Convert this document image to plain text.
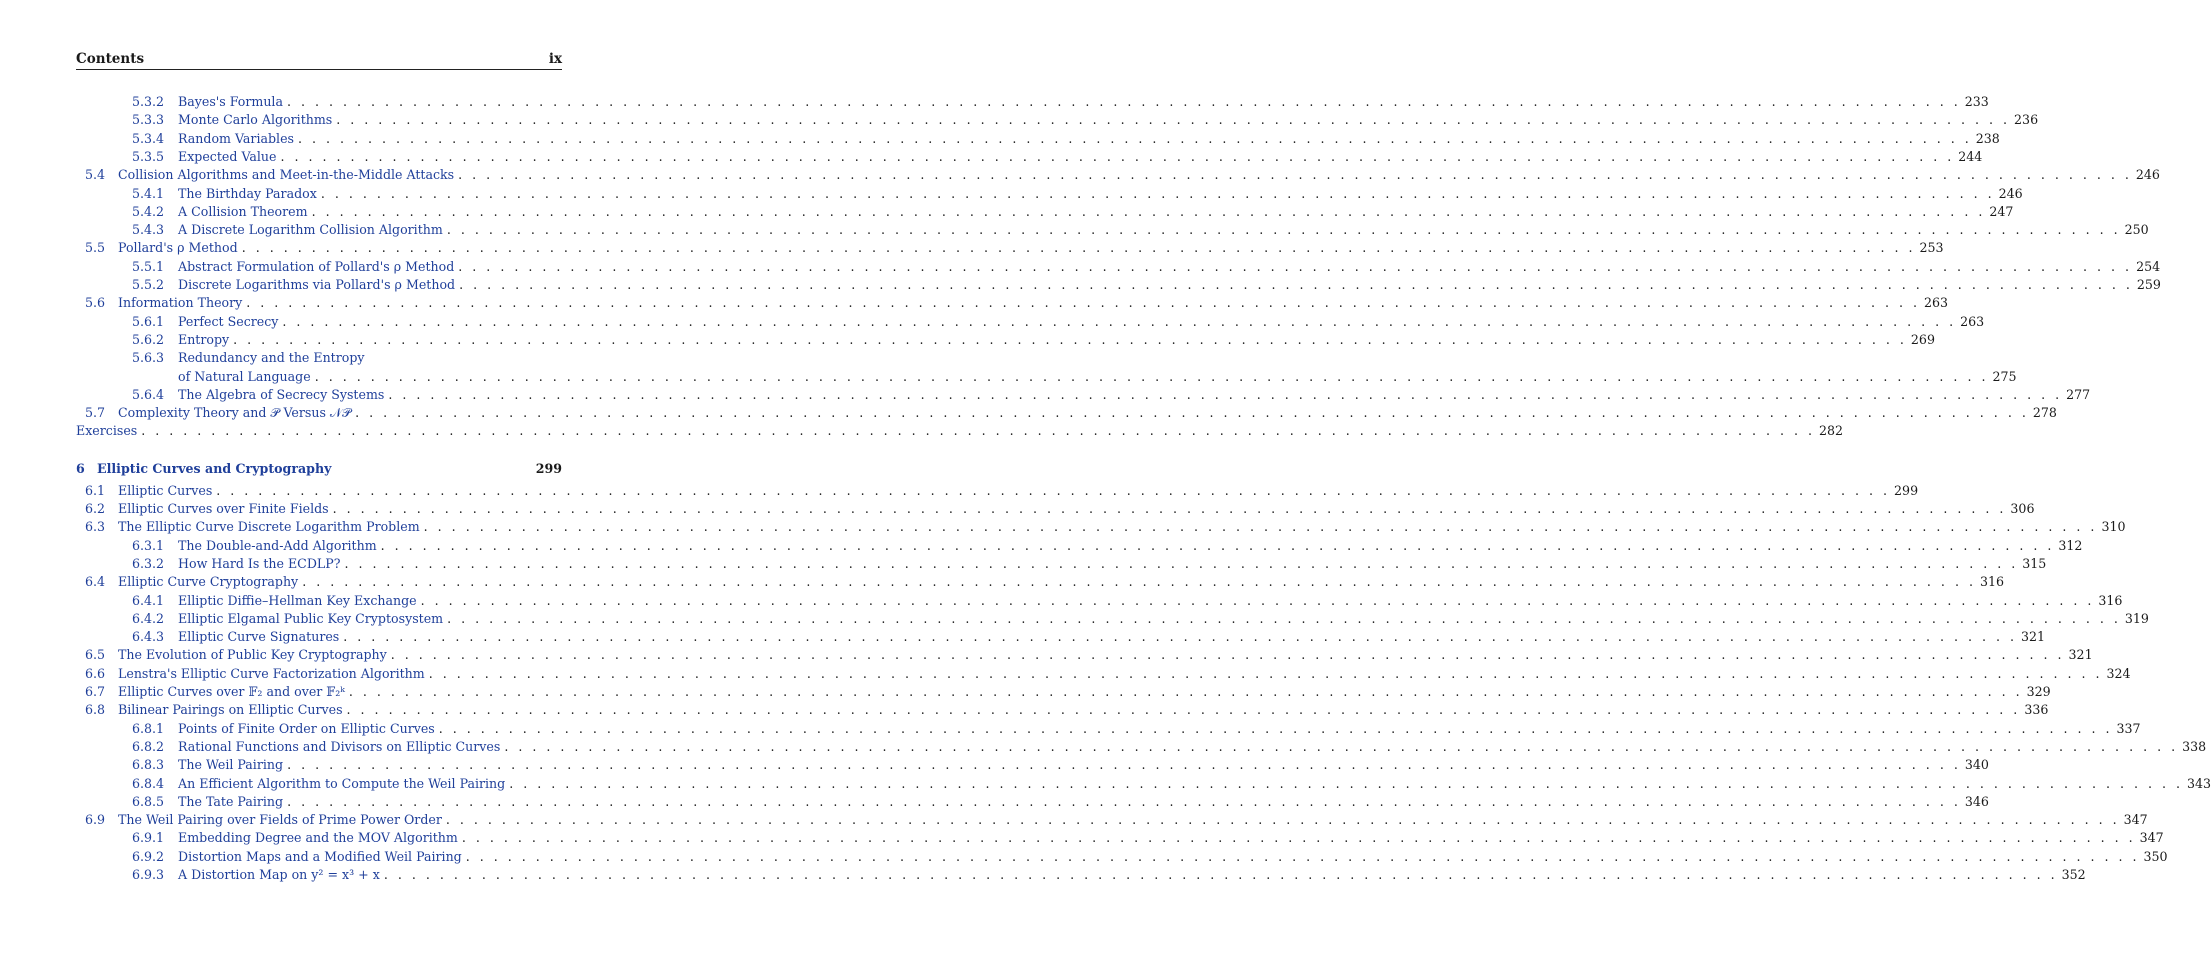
Contents	ix
5.3.2	Bayes's Formula . . . . . . . . . . . . . . . . . . . . . . . . . . . . . . . . . . . . . . . . . . . . . . . . . . . . . . . . . . . . . . . . . . . . . . . . . . . . . . . . . . . . . . . . . . . . . . . . . . . . . . . . . . . . . . . . . . . . . . . . 233
5.3.3	Monte Carlo Algorithms . . . . . . . . . . . . . . . . . . . . . . . . . . . . . . . . . . . . . . . . . . . . . . . . . . . . . . . . . . . . . . . . . . . . . . . . . . . . . . . . . . . . . . . . . . . . . . . . . . . . . . . . . . . . . . . . . . . . . . . . 236
5.3.4	Random Variables . . . . . . . . . . . . . . . . . . . . . . . . . . . . . . . . . . . . . . . . . . . . . . . . . . . . . . . . . . . . . . . . . . . . . . . . . . . . . . . . . . . . . . . . . . . . . . . . . . . . . . . . . . . . . . . . . . . . . . . . 238
5.3.5	Expected Value . . . . . . . . . . . . . . . . . . . . . . . . . . . . . . . . . . . . . . . . . . . . . . . . . . . . . . . . . . . . . . . . . . . . . . . . . . . . . . . . . . . . . . . . . . . . . . . . . . . . . . . . . . . . . . . . . . . . . . . . 244
5.4	Collision Algorithms and Meet-in-the-Middle Attacks . . . . . . . . . . . . . . . . . . . . . . . . . . . . . . . . . . . . . . . . . . . . . . . . . . . . . . . . . . . . . . . . . . . . . . . . . . . . . . . . . . . . . . . . . . . . . . . . . . . . . . . . . . . . . . . . . . . . . . . . 246
5.4.1	The Birthday Paradox . . . . . . . . . . . . . . . . . . . . . . . . . . . . . . . . . . . . . . . . . . . . . . . . . . . . . . . . . . . . . . . . . . . . . . . . . . . . . . . . . . . . . . . . . . . . . . . . . . . . . . . . . . . . . . . . . . . . . . . . 246
5.4.2	A Collision Theorem . . . . . . . . . . . . . . . . . . . . . . . . . . . . . . . . . . . . . . . . . . . . . . . . . . . . . . . . . . . . . . . . . . . . . . . . . . . . . . . . . . . . . . . . . . . . . . . . . . . . . . . . . . . . . . . . . . . . . . . . 247
5.4.3	A Discrete Logarithm Collision Algorithm . . . . . . . . . . . . . . . . . . . . . . . . . . . . . . . . . . . . . . . . . . . . . . . . . . . . . . . . . . . . . . . . . . . . . . . . . . . . . . . . . . . . . . . . . . . . . . . . . . . . . . . . . . . . . . . . . . . . . . . . 250
5.5	Pollard's ρ Method . . . . . . . . . . . . . . . . . . . . . . . . . . . . . . . . . . . . . . . . . . . . . . . . . . . . . . . . . . . . . . . . . . . . . . . . . . . . . . . . . . . . . . . . . . . . . . . . . . . . . . . . . . . . . . . . . . . . . . . . 253
5.5.1	Abstract Formulation of Pollard's ρ Method . . . . . . . . . . . . . . . . . . . . . . . . . . . . . . . . . . . . . . . . . . . . . . . . . . . . . . . . . . . . . . . . . . . . . . . . . . . . . . . . . . . . . . . . . . . . . . . . . . . . . . . . . . . . . . . . . . . . . . . . 254
5.5.2	Discrete Logarithms via Pollard's ρ Method . . . . . . . . . . . . . . . . . . . . . . . . . . . . . . . . . . . . . . . . . . . . . . . . . . . . . . . . . . . . . . . . . . . . . . . . . . . . . . . . . . . . . . . . . . . . . . . . . . . . . . . . . . . . . . . . . . . . . . . . 259
5.6	Information Theory . . . . . . . . . . . . . . . . . . . . . . . . . . . . . . . . . . . . . . . . . . . . . . . . . . . . . . . . . . . . . . . . . . . . . . . . . . . . . . . . . . . . . . . . . . . . . . . . . . . . . . . . . . . . . . . . . . . . . . . . 263
5.6.1	Perfect Secrecy . . . . . . . . . . . . . . . . . . . . . . . . . . . . . . . . . . . . . . . . . . . . . . . . . . . . . . . . . . . . . . . . . . . . . . . . . . . . . . . . . . . . . . . . . . . . . . . . . . . . . . . . . . . . . . . . . . . . . . . . 263
5.6.2	Entropy . . . . . . . . . . . . . . . . . . . . . . . . . . . . . . . . . . . . . . . . . . . . . . . . . . . . . . . . . . . . . . . . . . . . . . . . . . . . . . . . . . . . . . . . . . . . . . . . . . . . . . . . . . . . . . . . . . . . . . . . 269
5.6.3	Redundancy and the Entropy
of Natural Language . . . . . . . . . . . . . . . . . . . . . . . . . . . . . . . . . . . . . . . . . . . . . . . . . . . . . . . . . . . . . . . . . . . . . . . . . . . . . . . . . . . . . . . . . . . . . . . . . . . . . . . . . . . . . . . . . . . . . . . . 275
5.6.4	The Algebra of Secrecy Systems . . . . . . . . . . . . . . . . . . . . . . . . . . . . . . . . . . . . . . . . . . . . . . . . . . . . . . . . . . . . . . . . . . . . . . . . . . . . . . . . . . . . . . . . . . . . . . . . . . . . . . . . . . . . . . . . . . . . . . . . 277
5.7	Complexity Theory and 𝒫 Versus 𝒩𝒫 . . . . . . . . . . . . . . . . . . . . . . . . . . . . . . . . . . . . . . . . . . . . . . . . . . . . . . . . . . . . . . . . . . . . . . . . . . . . . . . . . . . . . . . . . . . . . . . . . . . . . . . . . . . . . . . . . . . . . . . . 278
Exercises . . . . . . . . . . . . . . . . . . . . . . . . . . . . . . . . . . . . . . . . . . . . . . . . . . . . . . . . . . . . . . . . . . . . . . . . . . . . . . . . . . . . . . . . . . . . . . . . . . . . . . . . . . . . . . . . . . . . . . . . 282
6 Elliptic Curves and Cryptography	299
6.1	Elliptic Curves . . . . . . . . . . . . . . . . . . . . . . . . . . . . . . . . . . . . . . . . . . . . . . . . . . . . . . . . . . . . . . . . . . . . . . . . . . . . . . . . . . . . . . . . . . . . . . . . . . . . . . . . . . . . . . . . . . . . . . . . 299
6.2	Elliptic Curves over Finite Fields . . . . . . . . . . . . . . . . . . . . . . . . . . . . . . . . . . . . . . . . . . . . . . . . . . . . . . . . . . . . . . . . . . . . . . . . . . . . . . . . . . . . . . . . . . . . . . . . . . . . . . . . . . . . . . . . . . . . . . . . 306
6.3	The Elliptic Curve Discrete Logarithm Problem . . . . . . . . . . . . . . . . . . . . . . . . . . . . . . . . . . . . . . . . . . . . . . . . . . . . . . . . . . . . . . . . . . . . . . . . . . . . . . . . . . . . . . . . . . . . . . . . . . . . . . . . . . . . . . . . . . . . . . . . 310
6.3.1	The Double-and-Add Algorithm . . . . . . . . . . . . . . . . . . . . . . . . . . . . . . . . . . . . . . . . . . . . . . . . . . . . . . . . . . . . . . . . . . . . . . . . . . . . . . . . . . . . . . . . . . . . . . . . . . . . . . . . . . . . . . . . . . . . . . . . 312
6.3.2	How Hard Is the ECDLP? . . . . . . . . . . . . . . . . . . . . . . . . . . . . . . . . . . . . . . . . . . . . . . . . . . . . . . . . . . . . . . . . . . . . . . . . . . . . . . . . . . . . . . . . . . . . . . . . . . . . . . . . . . . . . . . . . . . . . . . . 315
6.4	Elliptic Curve Cryptography . . . . . . . . . . . . . . . . . . . . . . . . . . . . . . . . . . . . . . . . . . . . . . . . . . . . . . . . . . . . . . . . . . . . . . . . . . . . . . . . . . . . . . . . . . . . . . . . . . . . . . . . . . . . . . . . . . . . . . . . 316
6.4.1	Elliptic Diffie–Hellman Key Exchange . . . . . . . . . . . . . . . . . . . . . . . . . . . . . . . . . . . . . . . . . . . . . . . . . . . . . . . . . . . . . . . . . . . . . . . . . . . . . . . . . . . . . . . . . . . . . . . . . . . . . . . . . . . . . . . . . . . . . . . . 316
6.4.2	Elliptic Elgamal Public Key Cryptosystem . . . . . . . . . . . . . . . . . . . . . . . . . . . . . . . . . . . . . . . . . . . . . . . . . . . . . . . . . . . . . . . . . . . . . . . . . . . . . . . . . . . . . . . . . . . . . . . . . . . . . . . . . . . . . . . . . . . . . . . . 319
6.4.3	Elliptic Curve Signatures . . . . . . . . . . . . . . . . . . . . . . . . . . . . . . . . . . . . . . . . . . . . . . . . . . . . . . . . . . . . . . . . . . . . . . . . . . . . . . . . . . . . . . . . . . . . . . . . . . . . . . . . . . . . . . . . . . . . . . . . 321
6.5	The Evolution of Public Key Cryptography . . . . . . . . . . . . . . . . . . . . . . . . . . . . . . . . . . . . . . . . . . . . . . . . . . . . . . . . . . . . . . . . . . . . . . . . . . . . . . . . . . . . . . . . . . . . . . . . . . . . . . . . . . . . . . . . . . . . . . . . 321
6.6	Lenstra's Elliptic Curve Factorization Algorithm . . . . . . . . . . . . . . . . . . . . . . . . . . . . . . . . . . . . . . . . . . . . . . . . . . . . . . . . . . . . . . . . . . . . . . . . . . . . . . . . . . . . . . . . . . . . . . . . . . . . . . . . . . . . . . . . . . . . . . . . 324
6.7	Elliptic Curves over 𝔽₂ and over 𝔽₂ᵏ . . . . . . . . . . . . . . . . . . . . . . . . . . . . . . . . . . . . . . . . . . . . . . . . . . . . . . . . . . . . . . . . . . . . . . . . . . . . . . . . . . . . . . . . . . . . . . . . . . . . . . . . . . . . . . . . . . . . . . . . 329
6.8	Bilinear Pairings on Elliptic Curves . . . . . . . . . . . . . . . . . . . . . . . . . . . . . . . . . . . . . . . . . . . . . . . . . . . . . . . . . . . . . . . . . . . . . . . . . . . . . . . . . . . . . . . . . . . . . . . . . . . . . . . . . . . . . . . . . . . . . . . . 336
6.8.1	Points of Finite Order on Elliptic Curves . . . . . . . . . . . . . . . . . . . . . . . . . . . . . . . . . . . . . . . . . . . . . . . . . . . . . . . . . . . . . . . . . . . . . . . . . . . . . . . . . . . . . . . . . . . . . . . . . . . . . . . . . . . . . . . . . . . . . . . . 337
6.8.2	Rational Functions and Divisors on Elliptic Curves . . . . . . . . . . . . . . . . . . . . . . . . . . . . . . . . . . . . . . . . . . . . . . . . . . . . . . . . . . . . . . . . . . . . . . . . . . . . . . . . . . . . . . . . . . . . . . . . . . . . . . . . . . . . . . . . . . . . . . . . 338
6.8.3	The Weil Pairing . . . . . . . . . . . . . . . . . . . . . . . . . . . . . . . . . . . . . . . . . . . . . . . . . . . . . . . . . . . . . . . . . . . . . . . . . . . . . . . . . . . . . . . . . . . . . . . . . . . . . . . . . . . . . . . . . . . . . . . . 340
6.8.4	An Efficient Algorithm to Compute the Weil Pairing . . . . . . . . . . . . . . . . . . . . . . . . . . . . . . . . . . . . . . . . . . . . . . . . . . . . . . . . . . . . . . . . . . . . . . . . . . . . . . . . . . . . . . . . . . . . . . . . . . . . . . . . . . . . . . . . . . . . . . . . 343
6.8.5	The Tate Pairing . . . . . . . . . . . . . . . . . . . . . . . . . . . . . . . . . . . . . . . . . . . . . . . . . . . . . . . . . . . . . . . . . . . . . . . . . . . . . . . . . . . . . . . . . . . . . . . . . . . . . . . . . . . . . . . . . . . . . . . . 346
6.9	The Weil Pairing over Fields of Prime Power Order . . . . . . . . . . . . . . . . . . . . . . . . . . . . . . . . . . . . . . . . . . . . . . . . . . . . . . . . . . . . . . . . . . . . . . . . . . . . . . . . . . . . . . . . . . . . . . . . . . . . . . . . . . . . . . . . . . . . . . . . 347
6.9.1	Embedding Degree and the MOV Algorithm . . . . . . . . . . . . . . . . . . . . . . . . . . . . . . . . . . . . . . . . . . . . . . . . . . . . . . . . . . . . . . . . . . . . . . . . . . . . . . . . . . . . . . . . . . . . . . . . . . . . . . . . . . . . . . . . . . . . . . . . 347
6.9.2	Distortion Maps and a Modified Weil Pairing . . . . . . . . . . . . . . . . . . . . . . . . . . . . . . . . . . . . . . . . . . . . . . . . . . . . . . . . . . . . . . . . . . . . . . . . . . . . . . . . . . . . . . . . . . . . . . . . . . . . . . . . . . . . . . . . . . . . . . . . 350
6.9.3	A Distortion Map on y² = x³ + x . . . . . . . . . . . . . . . . . . . . . . . . . . . . . . . . . . . . . . . . . . . . . . . . . . . . . . . . . . . . . . . . . . . . . . . . . . . . . . . . . . . . . . . . . . . . . . . . . . . . . . . . . . . . . . . . . . . . . . . . 352
